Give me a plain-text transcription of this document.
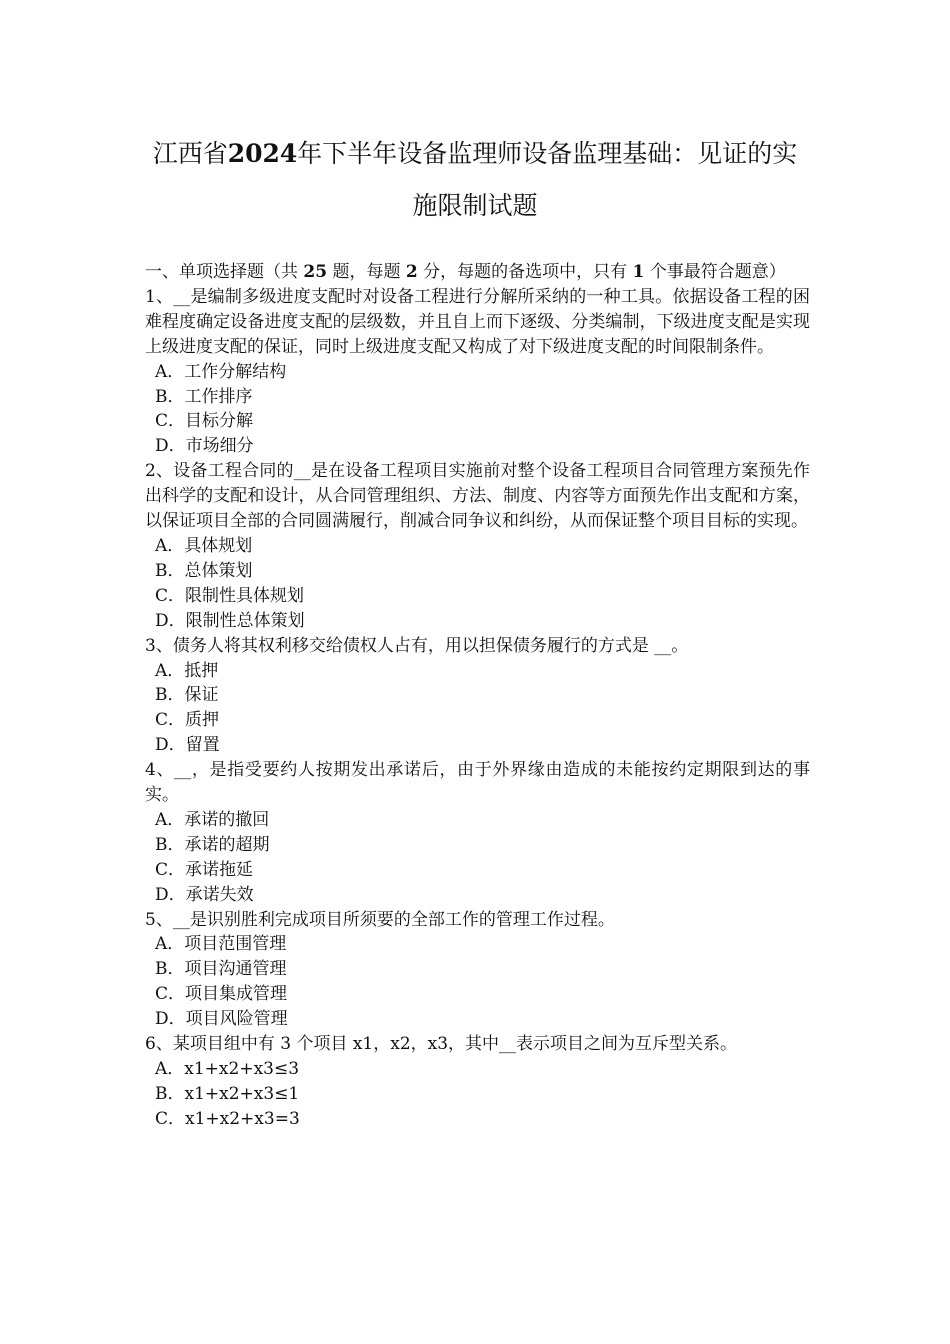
江西省2024年下半年设备监理师设备监理基础：见证的实
施限制试题

一、单项选择题（共 25 题，每题 2 分，每题的备选项中，只有 1 个事最符合题意）

1、__是编制多级进度支配时对设备工程进行分解所采纳的一种工具。依据设备工程的困难程度确定设备进度支配的层级数，并且自上而下逐级、分类编制，下级进度支配是实现上级进度支配的保证，同时上级进度支配又构成了对下级进度支配的时间限制条件。

A．工作分解结构

B．工作排序

C．目标分解

D．市场细分

2、设备工程合同的__是在设备工程项目实施前对整个设备工程项目合同管理方案预先作出科学的支配和设计，从合同管理组织、方法、制度、内容等方面预先作出支配和方案，以保证项目全部的合同圆满履行，削减合同争议和纠纷，从而保证整个项目目标的实现。

A．具体规划

B．总体策划

C．限制性具体规划

D．限制性总体策划

3、债务人将其权利移交给债权人占有，用以担保债务履行的方式是 __。

A．抵押

B．保证

C．质押

D．留置

4、__，是指受要约人按期发出承诺后，由于外界缘由造成的未能按约定期限到达的事实。

A．承诺的撤回

B．承诺的超期

C．承诺拖延

D．承诺失效

5、__是识别胜利完成项目所须要的全部工作的管理工作过程。

A．项目范围管理

B．项目沟通管理

C．项目集成管理

D．项目风险管理

6、某项目组中有 3 个项目 x1，x2，x3，其中__表示项目之间为互斥型关系。

A．x1+x2+x3≤3

B．x1+x2+x3≤1

C．x1+x2+x3=3
